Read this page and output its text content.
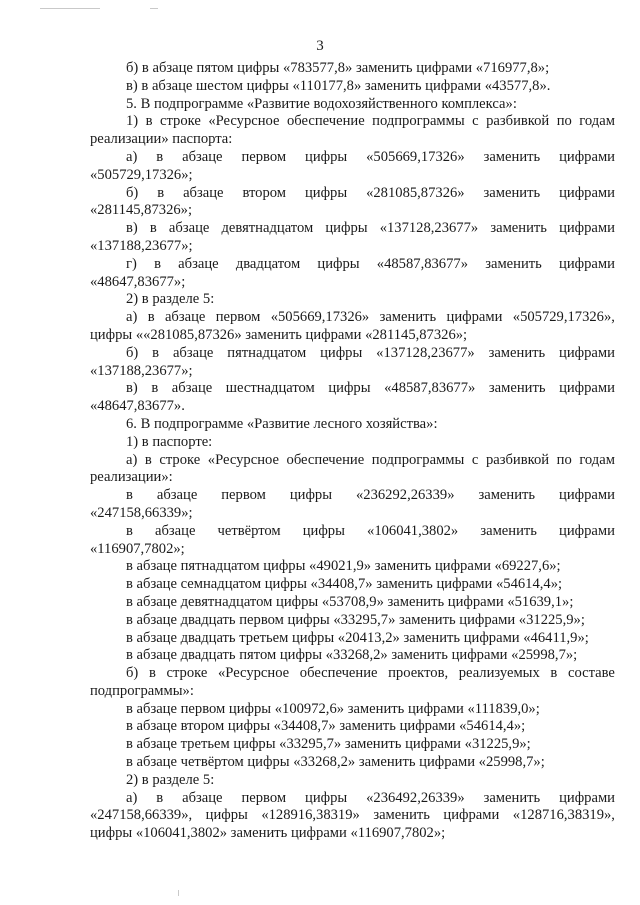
3
б) в абзаце пятом цифры «783577,8» заменить цифрами «716977,8»;
в) в абзаце шестом цифры «110177,8» заменить цифрами «43577,8».
5. В подпрограмме «Развитие водохозяйственного комплекса»:
1) в строке «Ресурсное обеспечение подпрограммы с разбивкой по годам
реализации» паспорта:
а) в абзаце первом цифры «505669,17326» заменить цифрами
«505729,17326»;
б) в абзаце втором цифры «281085,87326» заменить цифрами
«281145,87326»;
в) в абзаце девятнадцатом цифры «137128,23677» заменить цифрами
«137188,23677»;
г) в абзаце двадцатом цифры «48587,83677» заменить цифрами
«48647,83677»;
2) в разделе 5:
а) в абзаце первом «505669,17326» заменить цифрами «505729,17326»,
цифры ««281085,87326» заменить цифрами «281145,87326»;
б) в абзаце пятнадцатом цифры «137128,23677» заменить цифрами
«137188,23677»;
в) в абзаце шестнадцатом цифры «48587,83677» заменить цифрами
«48647,83677».
6. В подпрограмме «Развитие лесного хозяйства»:
1) в паспорте:
а) в строке «Ресурсное обеспечение подпрограммы с разбивкой по годам
реализации»:
в абзаце первом цифры «236292,26339» заменить цифрами
«247158,66339»;
в абзаце четвёртом цифры «106041,3802» заменить цифрами
«116907,7802»;
в абзаце пятнадцатом цифры «49021,9» заменить цифрами «69227,6»;
в абзаце семнадцатом цифры «34408,7» заменить цифрами «54614,4»;
в абзаце девятнадцатом цифры «53708,9» заменить цифрами «51639,1»;
в абзаце двадцать первом цифры «33295,7» заменить цифрами «31225,9»;
в абзаце двадцать третьем цифры «20413,2» заменить цифрами «46411,9»;
в абзаце двадцать пятом цифры «33268,2» заменить цифрами «25998,7»;
б) в строке «Ресурсное обеспечение проектов, реализуемых в составе
подпрограммы»:
в абзаце первом цифры «100972,6» заменить цифрами «111839,0»;
в абзаце втором цифры «34408,7» заменить цифрами «54614,4»;
в абзаце третьем цифры «33295,7» заменить цифрами «31225,9»;
в абзаце четвёртом цифры «33268,2» заменить цифрами «25998,7»;
2) в разделе 5:
а) в абзаце первом цифры «236492,26339» заменить цифрами
«247158,66339», цифры «128916,38319» заменить цифрами «128716,38319»,
цифры «106041,3802» заменить цифрами «116907,7802»;
